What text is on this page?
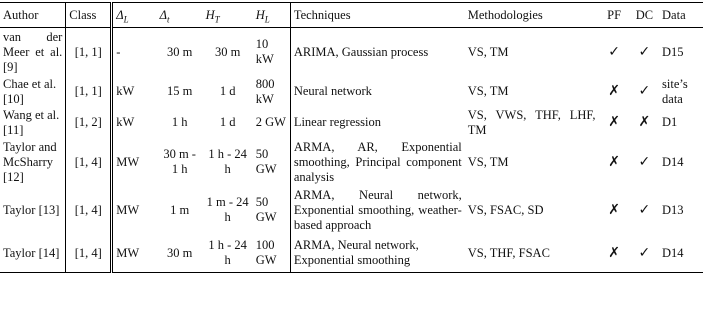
Author	Class	$\Delta_L$	$\Delta_t$	$H_T$	$H_L$	Techniques	Methodologies	PF	DC	Data
van der Meer et al. [9]	[1, 1]	-	30 m	30 m	10 kW	ARIMA, Gaussian process	VS, TM	✓	✓	D15
Chae et al. [10]	[1, 1]	kW	15 m	1 d	800 kW	Neural network	VS, TM	✗	✓	site’s data
Wang et al. [11]	[1, 2]	kW	1 h	1 d	2 GW	Linear regression	VS, VWS, THF, LHF, TM	✗	✗	D1
Taylor and McSharry [12]	[1, 4]	MW	30 m - 1 h	1 h - 24 h	50 GW	ARMA, AR, Exponential smoothing, Principal component analysis	VS, TM	✗	✓	D14
Taylor [13]	[1, 4]	MW	1 m	1 m - 24 h	50 GW	ARMA, Neural network, Exponential smoothing, weather-based approach	VS, FSAC, SD	✗	✓	D13
Taylor [14]	[1, 4]	MW	30 m	1 h - 24 h	100 GW	ARMA, Neural network, Exponential smoothing	VS, THF, FSAC	✗	✓	D14
